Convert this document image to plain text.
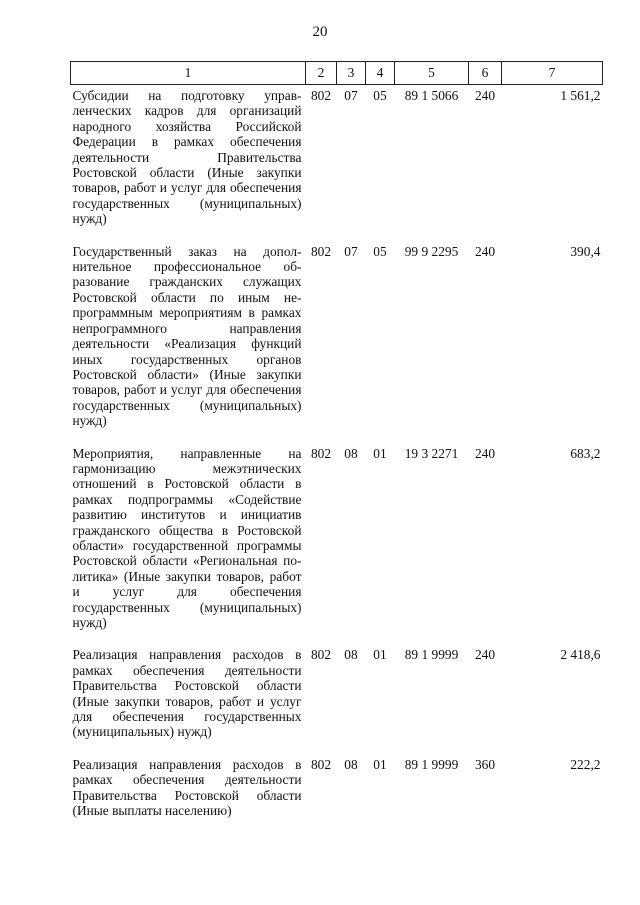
20
1	2	3	4	5	6	7
Субсидии на подготовку управленческих кадров для организаций народного хозяйства Российской Федерации в рамках обеспечения деятельности Правительства Ростовской области (Иные закупки товаров, работ и услуг для обеспечения государственных (муниципальных) нужд)	802	07	05	89 1 5066	240	1 561,2
Государственный заказ на дополнительное профессиональное образование гражданских служащих Ростовской области по иным непрограммным мероприятиям в рамках непрограммного направления деятельности «Реализация функций иных государственных органов Ростовской области» (Иные закупки товаров, работ и услуг для обеспечения государственных (муниципальных) нужд)	802	07	05	99 9 2295	240	390,4
Мероприятия, направленные на гармонизацию межэтнических отношений в Ростовской области в рамках подпрограммы «Содействие развитию институтов и инициатив гражданского общества в Ростовской области» государственной программы Ростовской области «Региональная политика» (Иные закупки товаров, работ и услуг для обеспечения государственных (муниципальных) нужд)	802	08	01	19 3 2271	240	683,2
Реализация направления расходов в рамках обеспечения деятельности Правительства Ростовской области (Иные закупки товаров, работ и услуг для обеспечения государственных (муниципальных) нужд)	802	08	01	89 1 9999	240	2 418,6
Реализация направления расходов в рамках обеспечения деятельности Правительства Ростовской области (Иные выплаты населению)	802	08	01	89 1 9999	360	222,2
